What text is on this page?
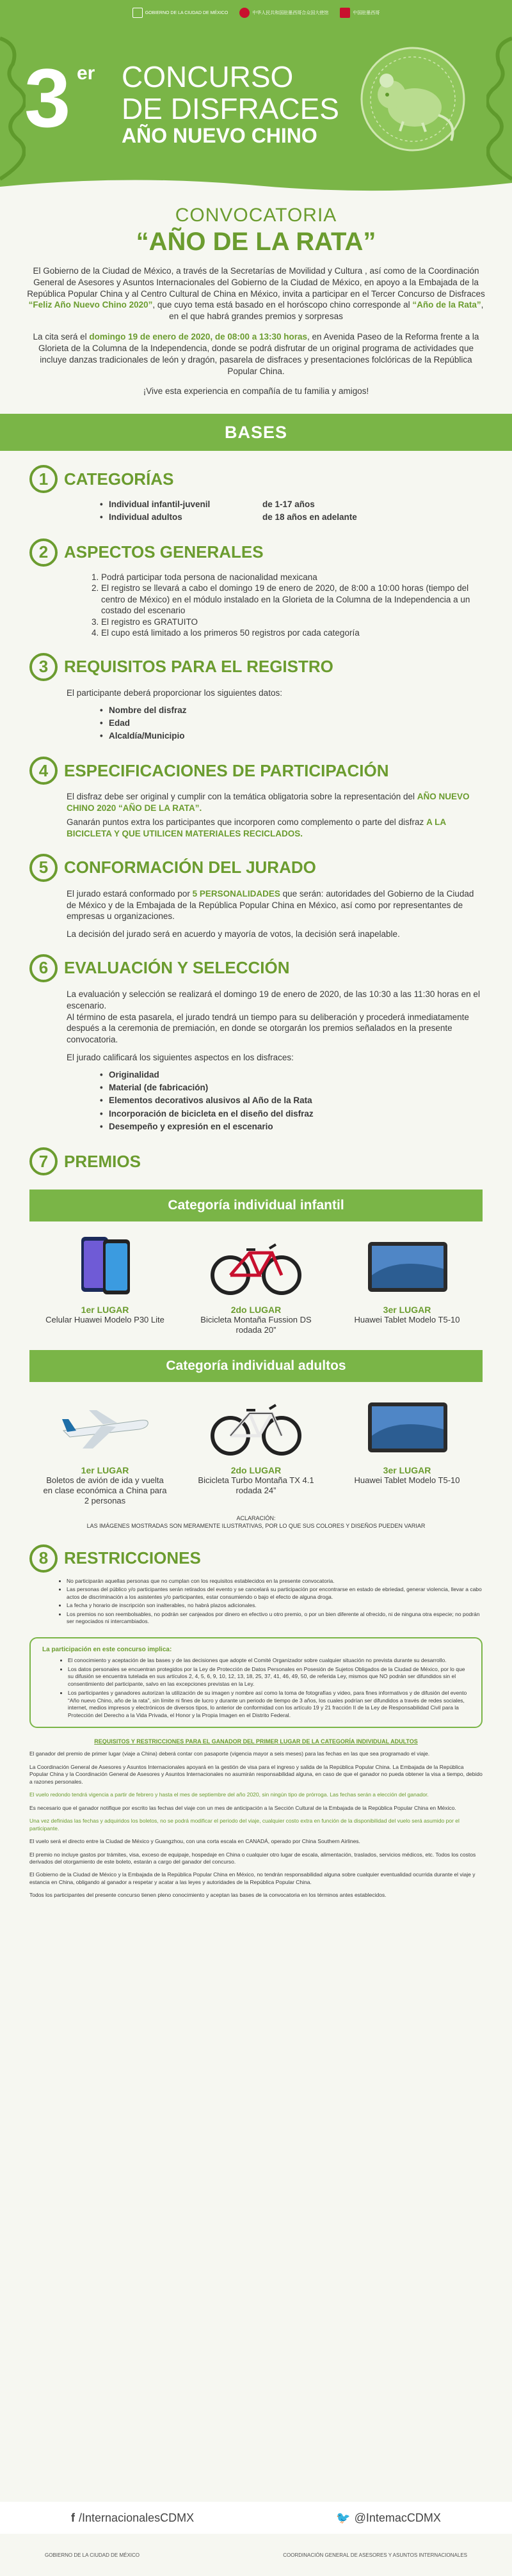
GOBIERNO DE LA CIUDAD DE MÉXICO	中华人民共和国驻墨西哥合众国大使馆	中国驻墨西哥
3 er CONCURSO
DE DISFRACES
AÑO NUEVO CHINO
CONVOCATORIA
“AÑO DE LA RATA”

El Gobierno de la Ciudad de México, a través de la Secretarías de Movilidad y Cultura , así como de la Coordinación General de Asesores y Asuntos Internacionales del Gobierno de la Ciudad de México, en apoyo a la Embajada de la República Popular China y al Centro Cultural de China en México, invita a participar en el Tercer Concurso de Disfraces “Feliz Año Nuevo Chino 2020”, que cuyo tema está basado en el horóscopo chino corresponde al “Año de la Rata”, en el que habrá grandes premios y sorpresas

La cita será el domingo 19 de enero de 2020, de 08:00 a 13:30 horas, en Avenida Paseo de la Reforma frente a la Glorieta de la Columna de la Independencia, donde se podrá disfrutar de un original programa de actividades que incluye danzas tradicionales de león y dragón, pasarela de disfraces y presentaciones folclóricas de la República Popular China.

¡Vive esta experiencia en compañía de tu familia y amigos!

BASES
1 CATEGORÍAS
• Individual infantil-juvenil	de 1-17 años
• Individual adultos	de 18 años en adelante
2 ASPECTOS GENERALES
1. Podrá participar toda persona de nacionalidad mexicana
2. El registro se llevará a cabo el domingo 19 de enero de 2020, de 8:00 a 10:00 horas (tiempo del centro de México) en el módulo instalado en la Glorieta de la Columna de la Independencia a un costado del escenario
3. El registro es GRATUITO
4. El cupo está limitado a los primeros 50 registros por cada categoría
3 REQUISITOS PARA EL REGISTRO

El participante deberá proporcionar los siguientes datos:

• Nombre del disfraz
• Edad
• Alcaldía/Municipio
4 ESPECIFICACIONES DE PARTICIPACIÓN

El disfraz debe ser original y cumplir con la temática obligatoria sobre la representación del AÑO NUEVO CHINO 2020 “AÑO DE LA RATA”.

Ganarán puntos extra los participantes que incorporen como complemento o parte del disfraz A LA BICICLETA Y QUE UTILICEN MATERIALES RECICLADOS.

5 CONFORMACIÓN DEL JURADO

El jurado estará conformado por 5 PERSONALIDADES que serán: autoridades del Gobierno de la Ciudad de México y de la Embajada de la República Popular China en México, así como por representantes de empresas u organizaciones.

La decisión del jurado será en acuerdo y mayoría de votos, la decisión será inapelable.

6 EVALUACIÓN Y SELECCIÓN

La evaluación y selección se realizará el domingo 19 de enero de 2020, de las 10:30 a las 11:30 horas en el escenario.

Al término de esta pasarela, el jurado tendrá un tiempo para su deliberación y procederá inmediatamente después a la ceremonia de premiación, en donde se otorgarán los premios señalados en la presente convocatoria.

El jurado calificará los siguientes aspectos en los disfraces:

• Originalidad
• Material (de fabricación)
• Elementos decorativos alusivos al Año de la Rata
• Incorporación de bicicleta en el diseño del disfraz
• Desempeño y expresión en el escenario
7 PREMIOS
Categoría individual infantil
1er LUGAR
Celular Huawei Modelo P30 Lite
2do LUGAR
Bicicleta Montaña Fussion DS rodada 20”
3er LUGAR
Huawei Tablet Modelo T5-10
Categoría individual adultos
1er LUGAR
Boletos de avión de ida y vuelta en clase económica a China para 2 personas
2do LUGAR
Bicicleta Turbo Montaña TX 4.1 rodada 24”
3er LUGAR
Huawei Tablet Modelo T5-10
ACLARACIÓN:
LAS IMÁGENES MOSTRADAS SON MERAMENTE ILUSTRATIVAS, POR LO QUE SUS COLORES Y DISEÑOS PUEDEN VARIAR
8 RESTRICCIONES
• No participarán aquellas personas que no cumplan con los requisitos establecidos en la presente convocatoria.
• Las personas del público y/o participantes serán retirados del evento y se cancelará su participación por encontrarse en estado de ebriedad, generar violencia, llevar a cabo actos de discriminación a los asistentes y/o participantes, estar consumiendo o bajo el efecto de alguna droga.
• La fecha y horario de inscripción son inalterables, no habrá plazos adicionales.
• Los premios no son reembolsables, no podrán ser canjeados por dinero en efectivo u otro premio, o por un bien diferente al ofrecido, ni de ninguna otra especie; no podrán ser negociados ni intercambiados.
La participación en este concurso implica:
• El conocimiento y aceptación de las bases y de las decisiones que adopte el Comité Organizador sobre cualquier situación no prevista durante su desarrollo.
• Los datos personales se encuentran protegidos por la Ley de Protección de Datos Personales en Posesión de Sujetos Obligados de la Ciudad de México, por lo que su difusión se encuentra tutelada en sus artículos 2, 4, 5, 6, 9, 10, 12, 13, 18, 25, 37, 41, 46, 49, 50, de referida Ley, mismos que NO podrán ser difundidos sin el consentimiento del participante, salvo en las excepciones previstas en la Ley.
• Los participantes y ganadores autorizan la utilización de su imagen y nombre así como la toma de fotografías y video, para fines informativos y de difusión del evento “Año nuevo Chino, año de la rata”, sin límite ni fines de lucro y durante un periodo de tiempo de 3 años, los cuales podrían ser difundidos a través de redes sociales, internet, medios impresos y electrónicos de diversos tipos, lo anterior de conformidad con los artículo 19 y 21 fracción II de la Ley de Responsabilidad Civil para la Protección del Derecho a la Vida Privada, el Honor y la Propia Imagen en el Distrito Federal.
REQUISITOS Y RESTRICCIONES PARA EL GANADOR DEL PRIMER LUGAR DE LA CATEGORÍA INDIVIDUAL ADULTOS

El ganador del premio de primer lugar (viaje a China) deberá contar con pasaporte (vigencia mayor a seis meses) para las fechas en las que sea programado el viaje.

La Coordinación General de Asesores y Asuntos Internacionales apoyará en la gestión de visa para el ingreso y salida de la República Popular China. La Embajada de la República Popular China y la Coordinación General de Asesores y Asuntos Internacionales no asumirán responsabilidad alguna, en caso de que el ganador no pueda obtener la visa a tiempo, debido a razones personales.

El vuelo redondo tendrá vigencia a partir de febrero y hasta el mes de septiembre del año 2020, sin ningún tipo de prórroga. Las fechas serán a elección del ganador.

Es necesario que el ganador notifique por escrito las fechas del viaje con un mes de anticipación a la Sección Cultural de la Embajada de la República Popular China en México.

Una vez definidas las fechas y adquiridos los boletos, no se podrá modificar el periodo del viaje, cualquier costo extra en función de la disponibilidad del vuelo será asumido por el participante.

El vuelo será el directo entre la Ciudad de México y Guangzhou, con una corta escala en CANADÁ, operado por China Southern Airlines.

El premio no incluye gastos por trámites, visa, exceso de equipaje, hospedaje en China o cualquier otro lugar de escala, alimentación, traslados, servicios médicos, etc. Todos los costos derivados del otorgamiento de este boleto, estarán a cargo del ganador del concurso.

El Gobierno de la Ciudad de México y la Embajada de la República Popular China en México, no tendrán responsabilidad alguna sobre cualquier eventualidad ocurrida durante el viaje y estancia en China, obligando al ganador a respetar y acatar a las leyes y autoridades de la República Popular China.

Todos los participantes del presente concurso tienen pleno conocimiento y aceptan las bases de la convocatoria en los términos antes establecidos.

f /InternacionalesCDMX	🐦 @IntemacCDMX
GOBIERNO DE LA CIUDAD DE MÉXICO	COORDINACIÓN GENERAL DE ASESORES Y ASUNTOS INTERNACIONALES
